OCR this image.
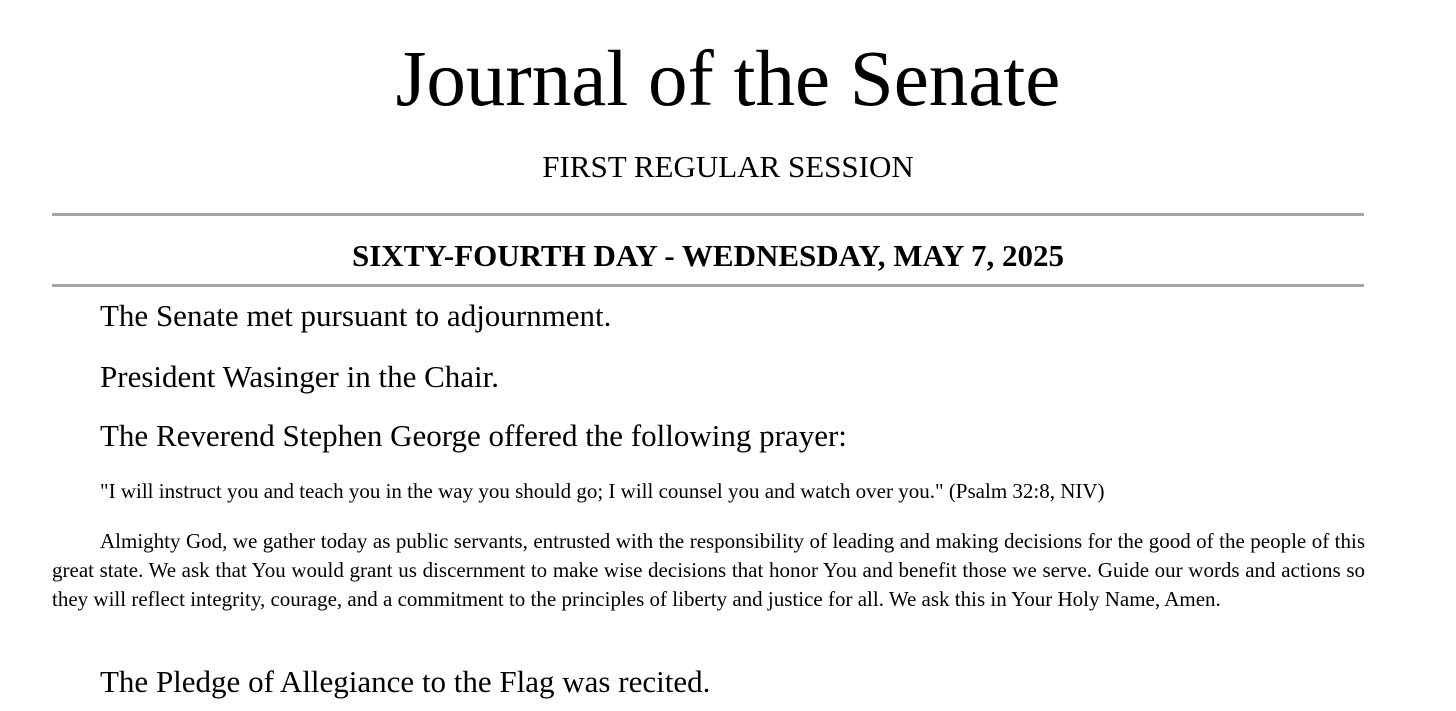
Journal of the Senate
FIRST REGULAR SESSION
SIXTY-FOURTH DAY - WEDNESDAY, MAY 7, 2025

The Senate met pursuant to adjournment.

President Wasinger in the Chair.

The Reverend Stephen George offered the following prayer:

"I will instruct you and teach you in the way you should go; I will counsel you and watch over you." (Psalm 32:8, NIV)

Almighty God, we gather today as public servants, entrusted with the responsibility of leading and making decisions for the good of the people of this great state. We ask that You would grant us discernment to make wise decisions that honor You and benefit those we serve. Guide our words and actions so they will reflect integrity, courage, and a commitment to the principles of liberty and justice for all. We ask this in Your Holy Name, Amen.

The Pledge of Allegiance to the Flag was recited.
